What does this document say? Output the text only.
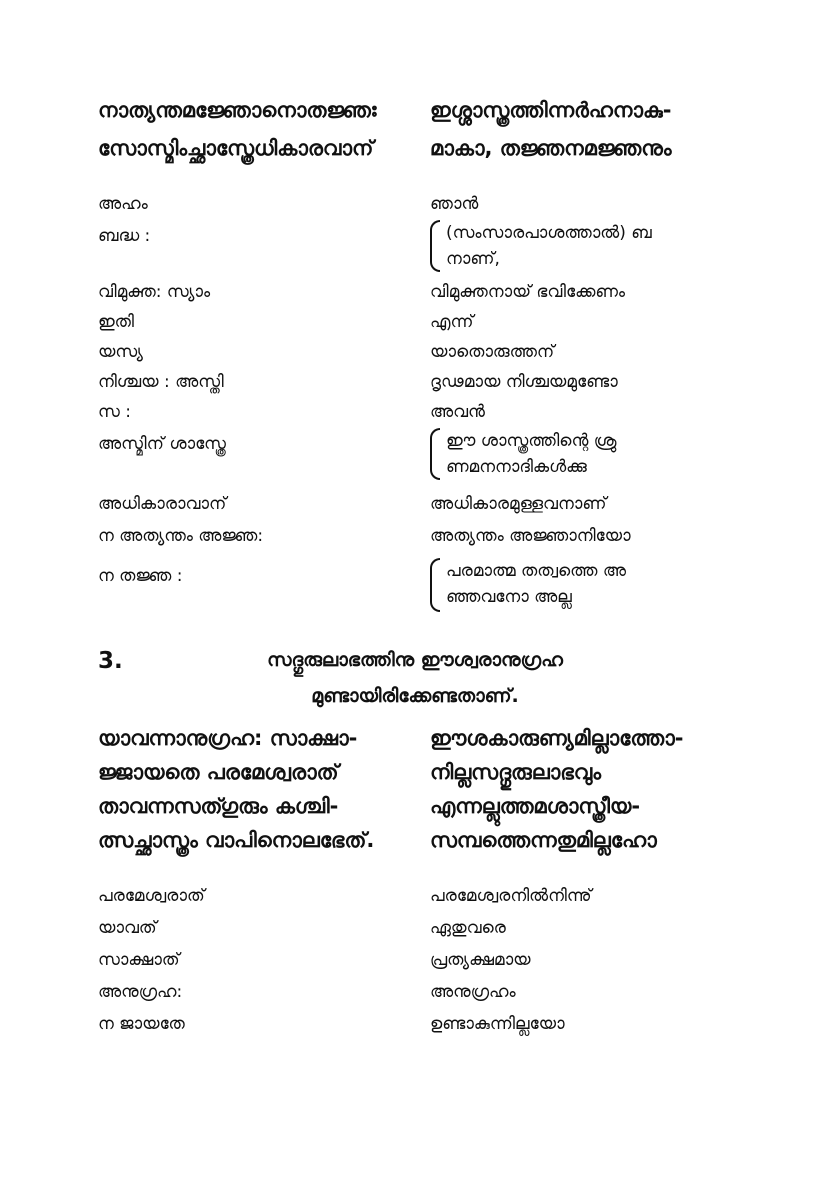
നാത്യന്തമജ്ഞോനൊതജ്ഞഃ	ഇശ്ശാസ്ത്രത്തിന്നർഹനാകു-
സോസ്മിംച്ഛാസ്ത്രേധികാരവാന്	മാകാ, തജ്ഞനമജ്ഞനും
അഹം	ഞാൻ
ബദ്ധ :	(സംസാരപാശത്താൽ) ബ
നാണ്,
വിമുക്ത: സ്യാം	വിമുക്തനായ് ഭവിക്കേണം
ഇതി	എന്ന്
യസ്യ	യാതൊരുത്തന്
നിശ്ചയ : അസ്തി	ദൃഢമായ നിശ്ചയമുണ്ടോ
സ :	അവൻ
അസ്മിന് ശാസ്ത്രേ	ഈ ശാസ്ത്രത്തിന്റെ ശ്രു
ണമനനാദികൾക്കു
അധികാരാവാന്	അധികാരമുള്ളവനാണ്
ന അത്യന്തം അജ്ഞ:	അത്യന്തം അജ്ഞാനിയോ
ന തജ്ഞ :	പരമാത്മ തത്വത്തെ അ
ഞ്ഞവനോ അല്ല
3.	സദ്ഗുരുലാഭത്തിനു ഈശ്വരാനുഗ്രഹ
മുണ്ടായിരിക്കേണ്ടതാണ്.
യാവന്നാനുഗ്രഹ: സാക്ഷാ-	ഈശകാരുണ്യമില്ലാത്തോ-
ജ്ജായതെ പരമേശ്വരാത്	നില്ലസദ്ഗുരുലാഭവും
താവന്നസത്ഗുരും കശ്ചി-	എന്നല്ലുത്തമശാസ്ത്രീയ-
ത്സച്ഛാസ്ത്രം വാപിനൊലഭേത്.	സമ്പത്തെന്നതുമില്ലഹോ
പരമേശ്വരാത്	പരമേശ്വരനിൽനിന്നു്
യാവത്	ഏതുവരെ
സാക്ഷാത്	പ്രത്യക്ഷമായ
അനുഗ്രഹ:	അനുഗ്രഹം
ന ജായതേ	ഉണ്ടാകുന്നില്ലയോ
